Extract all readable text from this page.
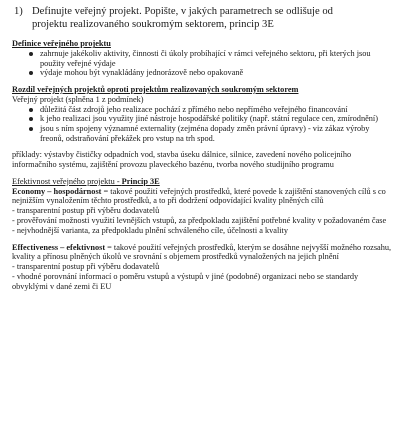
1) Definujte veřejný projekt. Popište, v jakých parametrech se odlišuje od projektu realizovaného soukromým sektorem, princip 3E

Definice veřejného projektu

zahrnuje jakékoliv aktivity, činnosti či úkoly probíhající v rámci veřejného sektoru, při kterých jsou použity veřejné výdaje
výdaje mohou být vynakládány jednorázově nebo opakovaně

Rozdíl veřejných projektů oproti projektům realizovaných soukromým sektorem

Veřejný projekt (splněna 1 z podmínek)

důležitá část zdrojů jeho realizace pochází z přímého nebo nepřímého veřejného financování
k jeho realizaci jsou využity jiné nástroje hospodářské politiky (např. státní regulace cen, zmírodnění)
jsou s ním spojeny významné externality (zejména dopady změn právní úpravy) - viz zákaz výroby freonů, odstraňování překážek pro vstup na trh spod.

příklady: výstavby čističky odpadních vod, stavba úseku dálnice, silnice, zavedení nového policejního informačního systému, zajištění provozu plaveckého bazénu, tvorba nového studijního programu

Efektivnost veřejného projektu - Princip 3E

Economy – hospodárnost = takové použití veřejných prostředků, které povede k zajištění stanovených cílů s co nejnižším vynaložením těchto prostředků, a to při dodržení odpovídající kvality plněných cílů

- transparentní postup při výběru dodavatelů

- prověřování možnosti využití levnějších vstupů, za předpokladu zajištění potřebné kvality v požadovaném čase

- nejvhodnější varianta, za předpokladu plnění schváleného cíle, účelnosti a kvality

Effectiveness – efektivnost = takové použití veřejných prostředků, kterým se dosáhne nejvyšší možného rozsahu, kvality a přínosu plněných úkolů ve srovnání s objemem prostředků vynaložených na jejich plnění

- transparentní postup při výběru dodavatelů

- vhodné porovnání informací o poměru vstupů a výstupů v jiné (podobné) organizaci nebo se standardy obvyklými v dané zemi či EU
